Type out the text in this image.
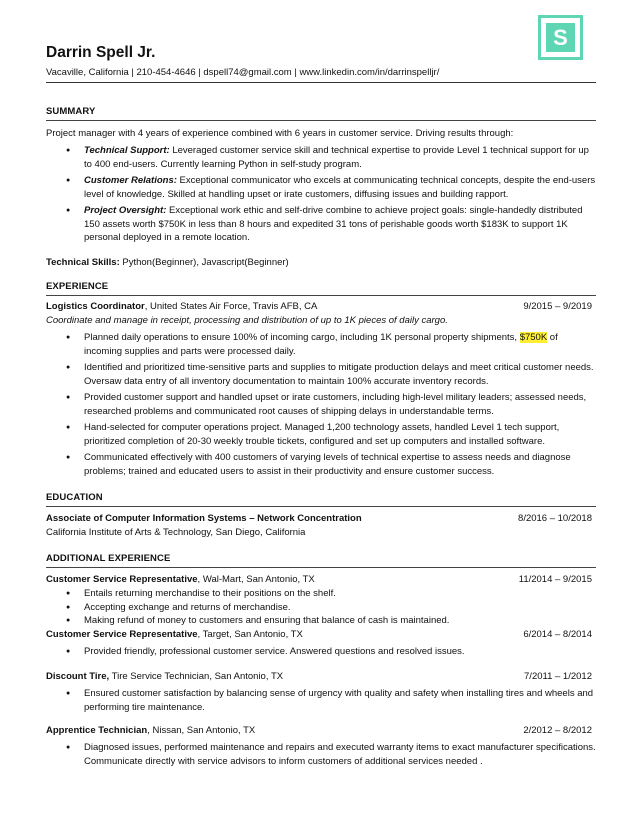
S
Darrin Spell Jr.
Vacaville, California | 210-454-4646 | dspell74@gmail.com | www.linkedin.com/in/darrinspelljr/
SUMMARY
Project manager with 4 years of experience combined with 6 years in customer service. Driving results through:
● Technical Support: Leveraged customer service skill and technical expertise to provide Level 1 technical support for up to 400 end-users. Currently learning Python in self-study program.
● Customer Relations: Exceptional communicator who excels at communicating technical concepts, despite the end-users level of knowledge. Skilled at handling upset or irate customers, diffusing issues and building rapport.
● Project Oversight: Exceptional work ethic and self-drive combine to achieve project goals: single-handedly distributed 150 assets worth $750K in less than 8 hours and expedited 31 tons of perishable goods worth $183K to support 1K personal deployed in a remote location.
Technical Skills: Python(Beginner), Javascript(Beginner)
EXPERIENCE
Logistics Coordinator, United States Air Force, Travis AFB, CA	9/2015 – 9/2019
Coordinate and manage in receipt, processing and distribution of up to 1K pieces of daily cargo.
● Planned daily operations to ensure 100% of incoming cargo, including 1K personal property shipments, $750K of incoming supplies and parts were processed daily.
● Identified and prioritized time-sensitive parts and supplies to mitigate production delays and meet critical customer needs. Oversaw data entry of all inventory documentation to maintain 100% accurate inventory records.
● Provided customer support and handled upset or irate customers, including high-level military leaders; assessed needs, researched problems and communicated root causes of shipping delays in understandable terms.
● Hand-selected for computer operations project. Managed 1,200 technology assets, handled Level 1 tech support, prioritized completion of 20-30 weekly trouble tickets, configured and set up computers and installed software.
● Communicated effectively with 400 customers of varying levels of technical expertise to assess needs and diagnose problems; trained and educated users to assist in their productivity and ensure customer success.
EDUCATION
Associate of Computer Information Systems – Network Concentration	8/2016 – 10/2018
California Institute of Arts & Technology, San Diego, California
ADDITIONAL EXPERIENCE
Customer Service Representative, Wal-Mart, San Antonio, TX	11/2014 – 9/2015
● Entails returning merchandise to their positions on the shelf.
● Accepting exchange and returns of merchandise.
● Making refund of money to customers and ensuring that balance of cash is maintained.
Customer Service Representative, Target, San Antonio, TX	6/2014 – 8/2014
● Provided friendly, professional customer service. Answered questions and resolved issues.
Discount Tire, Tire Service Technician, San Antonio, TX	7/2011 – 1/2012
● Ensured customer satisfaction by balancing sense of urgency with quality and safety when installing tires and wheels and performing tire maintenance.
Apprentice Technician, Nissan, San Antonio, TX	2/2012 – 8/2012
● Diagnosed issues, performed maintenance and repairs and executed warranty items to exact manufacturer specifications. Communicate directly with service advisors to inform customers of additional services needed .
